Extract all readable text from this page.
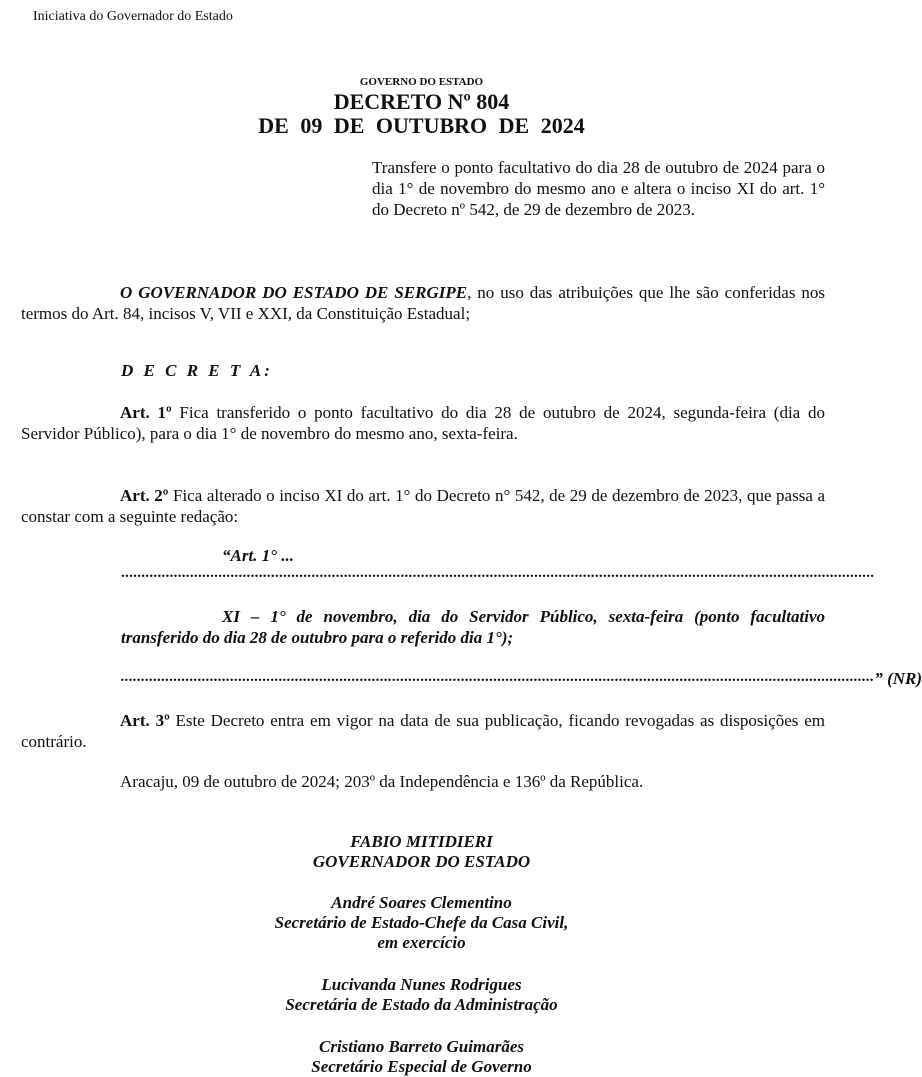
Iniciativa do Governador do Estado
GOVERNO DO ESTADO
DECRETO Nº 804
DE 09 DE OUTUBRO DE 2024
Transfere o ponto facultativo do dia 28 de outubro de 2024 para o dia 1° de novembro do mesmo ano e altera o inciso XI do art. 1° do Decreto nº 542, de 29 de dezembro de 2023.
O GOVERNADOR DO ESTADO DE SERGIPE, no uso das atribuições que lhe são conferidas nos termos do Art. 84, incisos V, VII e XXI, da Constituição Estadual;
D E C R E T A:
Art. 1º Fica transferido o ponto facultativo do dia 28 de outubro de 2024, segunda-feira (dia do Servidor Público), para o dia 1° de novembro do mesmo ano, sexta-feira.
Art. 2º Fica alterado o inciso XI do art. 1° do Decreto n° 542, de 29 de dezembro de 2023, que passa a constar com a seguinte redação:
“Art. 1° ...
..........................................................................................................................................................................................
XI – 1° de novembro, dia do Servidor Público, sexta-feira (ponto facultativo transferido do dia 28 de outubro para o referido dia 1°);
.......................................................................................................................................................................................... ” (NR)
Art. 3º Este Decreto entra em vigor na data de sua publicação, ficando revogadas as disposições em contrário.
Aracaju, 09 de outubro de 2024; 203º da Independência e 136º da República.
FABIO MITIDIERI
GOVERNADOR DO ESTADO
André Soares Clementino
Secretário de Estado-Chefe da Casa Civil,
em exercício
Lucivanda Nunes Rodrigues
Secretária de Estado da Administração
Cristiano Barreto Guimarães
Secretário Especial de Governo
